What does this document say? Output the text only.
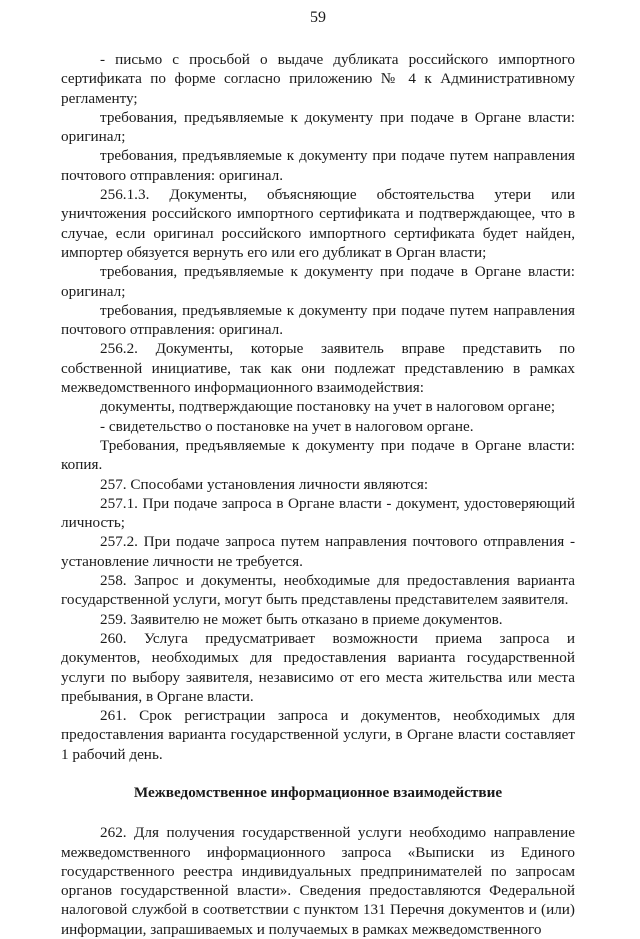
59

- письмо с просьбой о выдаче дубликата российского импортного сертификата по форме согласно приложению № 4 к Административному регламенту;

требования, предъявляемые к документу при подаче в Органе власти: оригинал;

требования, предъявляемые к документу при подаче путем направления почтового отправления: оригинал.

256.1.3. Документы, объясняющие обстоятельства утери или уничтожения российского импортного сертификата и подтверждающее, что в случае, если оригинал российского импортного сертификата будет найден, импортер обязуется вернуть его или его дубликат в Орган власти;

требования, предъявляемые к документу при подаче в Органе власти: оригинал;

требования, предъявляемые к документу при подаче путем направления почтового отправления: оригинал.

256.2. Документы, которые заявитель вправе представить по собственной инициативе, так как они подлежат представлению в рамках межведомственного информационного взаимодействия:

документы, подтверждающие постановку на учет в налоговом органе;

- свидетельство о постановке на учет в налоговом органе.

Требования, предъявляемые к документу при подаче в Органе власти: копия.

257. Способами установления личности являются:

257.1. При подаче запроса в Органе власти - документ, удостоверяющий личность;

257.2. При подаче запроса путем направления почтового отправления - установление личности не требуется.

258. Запрос и документы, необходимые для предоставления варианта государственной услуги, могут быть представлены представителем заявителя.

259. Заявителю не может быть отказано в приеме документов.

260. Услуга предусматривает возможности приема запроса и документов, необходимых для предоставления варианта государственной услуги по выбору заявителя, независимо от его места жительства или места пребывания, в Органе власти.

261. Срок регистрации запроса и документов, необходимых для предоставления варианта государственной услуги, в Органе власти составляет 1 рабочий день.

Межведомственное информационное взаимодействие

262. Для получения государственной услуги необходимо направление межведомственного информационного запроса «Выписки из Единого государственного реестра индивидуальных предпринимателей по запросам органов государственной власти». Сведения предоставляются Федеральной налоговой службой в соответствии с пунктом 131 Перечня документов и (или) информации, запрашиваемых и получаемых в рамках межведомственного
